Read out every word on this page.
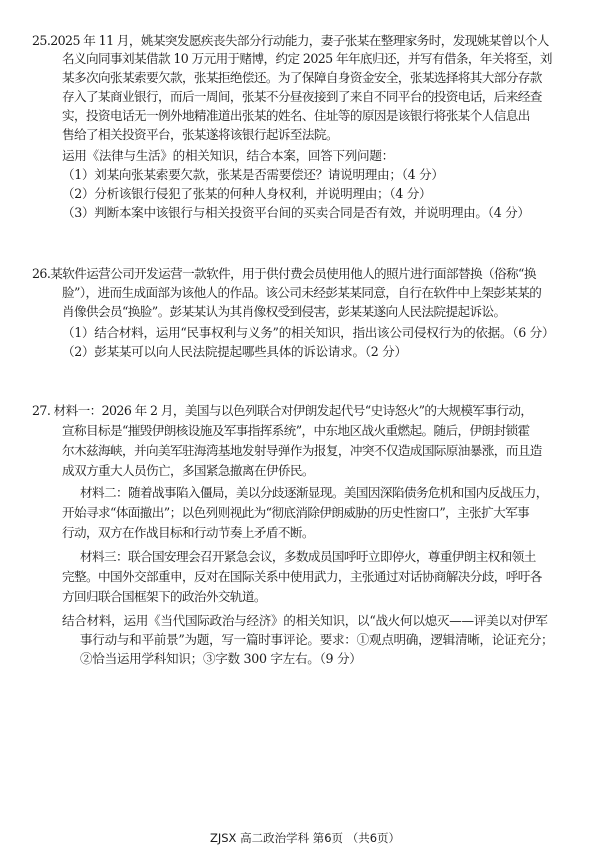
25.2025 年 11 月，姚某突发愿疾丧失部分行动能力，妻子张某在整理家务时，发现姚某曾以个人
名义向同事刘某借款 10 万元用于赌博，约定 2025 年年底归还，并写有借条，年关将至，刘
某多次向张某索要欠款，张某拒绝偿还。为了保障自身资金安全，张某选择将其大部分存款
存入了某商业银行，而后一周间，张某不分昼夜接到了来自不同平台的投资电话，后来经查
实，投资电话无一例外地精准道出张某的姓名、住址等的原因是该银行将张某个人信息出
售给了相关投资平台，张某遂将该银行起诉至法院。
运用《法律与生活》的相关知识，结合本案，回答下列问题：
（1）刘某向张某索要欠款，张某是否需要偿还？请说明理由；（4 分）
（2）分析该银行侵犯了张某的何种人身权利，并说明理由；（4 分）
（3）判断本案中该银行与相关投资平台间的买卖合同是否有效，并说明理由。（4 分）
26.某软件运营公司开发运营一款软件，用于供付费会员使用他人的照片进行面部替换（俗称“换
脸”），进而生成面部为该他人的作品。该公司未经彭某某同意，自行在软件中上架彭某某的
肖像供会员“换脸”。彭某某认为其肖像权受到侵害，彭某某遂向人民法院提起诉讼。
（1）结合材料，运用“民事权利与义务”的相关知识，指出该公司侵权行为的依据。（6 分）
（2）彭某某可以向人民法院提起哪些具体的诉讼请求。（2 分）
27. 材料一：2026 年 2 月，美国与以色列联合对伊朗发起代号“史诗怒火”的大规模军事行动，
宣称目标是“摧毁伊朗核设施及军事指挥系统”，中东地区战火重燃起。随后，伊朗封锁霍
尔木兹海峡，并向美军驻海湾基地发射导弹作为报复，冲突不仅造成国际原油暴涨，而且造
成双方重大人员伤亡，多国紧急撤离在伊侨民。
材料二：随着战事陷入僵局，美以分歧逐渐显现。美国因深陷债务危机和国内反战压力，
开始寻求“体面撤出”；以色列则视此为“彻底消除伊朗威胁的历史性窗口”，主张扩大军事
行动，双方在作战目标和行动节奏上矛盾不断。
材料三：联合国安理会召开紧急会议，多数成员国呼吁立即停火，尊重伊朗主权和领土
完整。中国外交部重申，反对在国际关系中使用武力，主张通过对话协商解决分歧，呼吁各
方回归联合国框架下的政治外交轨道。
结合材料，运用《当代国际政治与经济》的相关知识，以“战火何以熄灭——评美以对伊军
事行动与和平前景”为题，写一篇时事评论。要求：①观点明确，逻辑清晰，论证充分；
②恰当运用学科知识；③字数 300 字左右。（9 分）
ZJSX 高二政治学科 第6页 （共6页）
